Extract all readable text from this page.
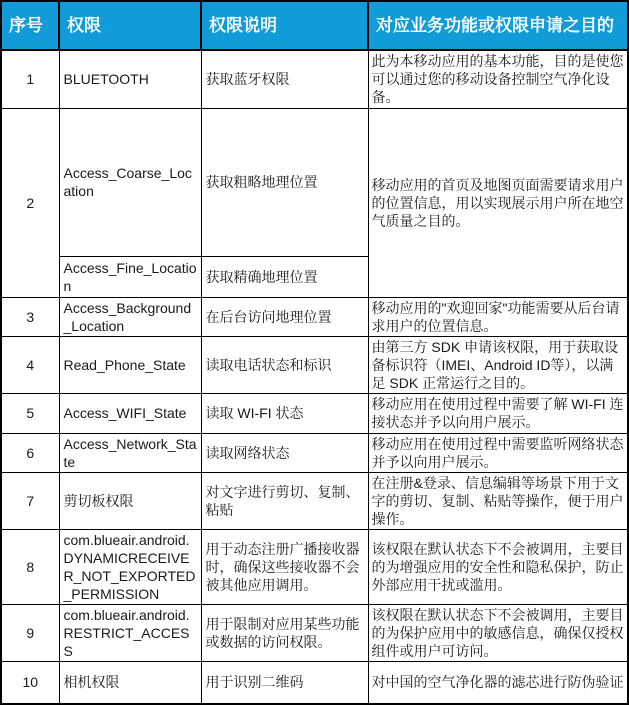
序号	权限	权限说明	对应业务功能或权限申请之目的
1	BLUETOOTH	获取蓝牙权限	此为本移动应用的基本功能，目的是使您可以通过您的移动设备控制空气净化设备。
2	Access_Coarse_Location	获取粗略地理位置	移动应用的首页及地图页面需要请求用户的位置信息，用以实现展示用户所在地空气质量之目的。
	Access_Fine_Location	获取精确地理位置	
3	Access_Background_Location	在后台访问地理位置	移动应用的"欢迎回家"功能需要从后台请求用户的位置信息。
4	Read_Phone_State	读取电话状态和标识	由第三方 SDK 申请该权限，用于获取设备标识符（IMEI、Android ID等），以满足 SDK 正常运行之目的。
5	Access_WIFI_State	读取 WI-FI 状态	移动应用在使用过程中需要了解 WI-FI 连接状态并予以向用户展示。
6	Access_Network_State	读取网络状态	移动应用在使用过程中需要监听网络状态并予以向用户展示。
7	剪切板权限	对文字进行剪切、复制、粘贴	在注册&登录、信息编辑等场景下用于文字的剪切、复制、粘贴等操作，便于用户操作。
8	com.blueair.android.DYNAMICRECEIVER_NOT_EXPORTED_PERMISSION	用于动态注册广播接收器时，确保这些接收器不会被其他应用调用。	该权限在默认状态下不会被调用，主要目的为增强应用的安全性和隐私保护，防止外部应用干扰或滥用。
9	com.blueair.android.RESTRICT_ACCESS	用于限制对应用某些功能或数据的访问权限。	该权限在默认状态下不会被调用，主要目的为保护应用中的敏感信息，确保仅授权组件或用户可访问。
10	相机权限	用于识别二维码	对中国的空气净化器的滤芯进行防伪验证
